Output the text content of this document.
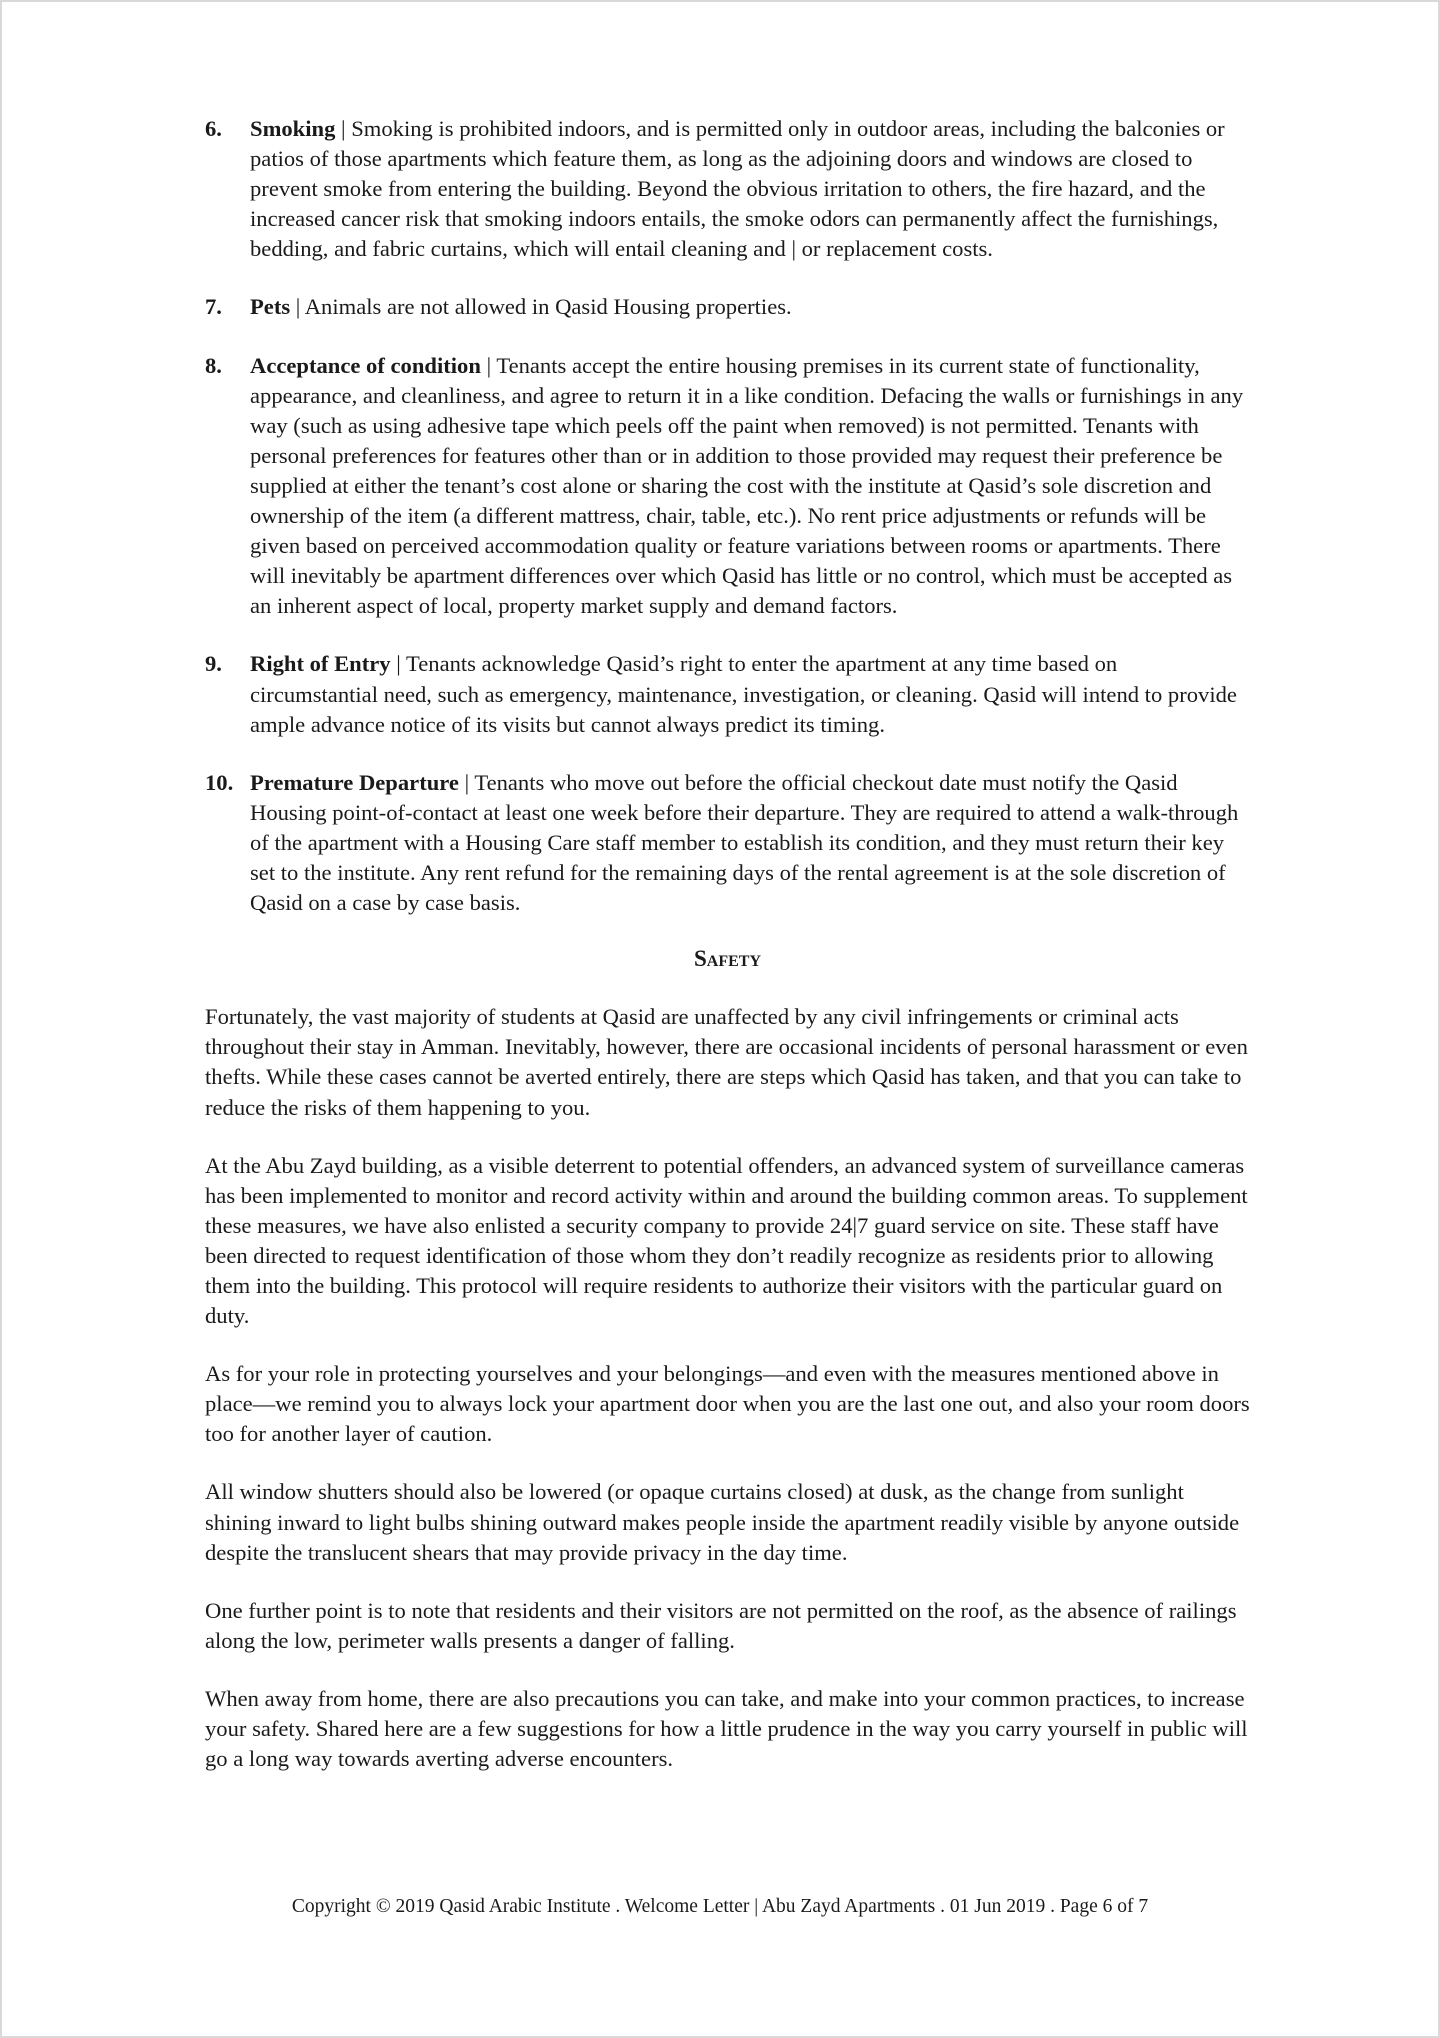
6.	Smoking | Smoking is prohibited indoors, and is permitted only in outdoor areas, including the balconies or patios of those apartments which feature them, as long as the adjoining doors and windows are closed to prevent smoke from entering the building. Beyond the obvious irritation to others, the fire hazard, and the increased cancer risk that smoking indoors entails, the smoke odors can permanently affect the furnishings, bedding, and fabric curtains, which will entail cleaning and | or replacement costs.
7.	Pets | Animals are not allowed in Qasid Housing properties.
8.	Acceptance of condition | Tenants accept the entire housing premises in its current state of functionality, appearance, and cleanliness, and agree to return it in a like condition. Defacing the walls or furnishings in any way (such as using adhesive tape which peels off the paint when removed) is not permitted. Tenants with personal preferences for features other than or in addition to those provided may request their preference be supplied at either the tenant’s cost alone or sharing the cost with the institute at Qasid’s sole discretion and ownership of the item (a different mattress, chair, table, etc.). No rent price adjustments or refunds will be given based on perceived accommodation quality or feature variations between rooms or apartments. There will inevitably be apartment differences over which Qasid has little or no control, which must be accepted as an inherent aspect of local, property market supply and demand factors.
9.	Right of Entry | Tenants acknowledge Qasid’s right to enter the apartment at any time based on circumstantial need, such as emergency, maintenance, investigation, or cleaning. Qasid will intend to provide ample advance notice of its visits but cannot always predict its timing.
10. Premature Departure | Tenants who move out before the official checkout date must notify the Qasid Housing point-of-contact at least one week before their departure. They are required to attend a walk-through of the apartment with a Housing Care staff member to establish its condition, and they must return their key set to the institute. Any rent refund for the remaining days of the rental agreement is at the sole discretion of Qasid on a case by case basis.
Safety

Fortunately, the vast majority of students at Qasid are unaffected by any civil infringements or criminal acts throughout their stay in Amman. Inevitably, however, there are occasional incidents of personal harassment or even thefts. While these cases cannot be averted entirely, there are steps which Qasid has taken, and that you can take to reduce the risks of them happening to you.

At the Abu Zayd building, as a visible deterrent to potential offenders, an advanced system of surveillance cameras has been implemented to monitor and record activity within and around the building common areas. To supplement these measures, we have also enlisted a security company to provide 24|7 guard service on site. These staff have been directed to request identification of those whom they don’t readily recognize as residents prior to allowing them into the building. This protocol will require residents to authorize their visitors with the particular guard on duty.

As for your role in protecting yourselves and your belongings—and even with the measures mentioned above in place—we remind you to always lock your apartment door when you are the last one out, and also your room doors too for another layer of caution.

All window shutters should also be lowered (or opaque curtains closed) at dusk, as the change from sunlight shining inward to light bulbs shining outward makes people inside the apartment readily visible by anyone outside despite the translucent shears that may provide privacy in the day time.

One further point is to note that residents and their visitors are not permitted on the roof, as the absence of railings along the low, perimeter walls presents a danger of falling.

When away from home, there are also precautions you can take, and make into your common practices, to increase your safety. Shared here are a few suggestions for how a little prudence in the way you carry yourself in public will go a long way towards averting adverse encounters.

Copyright © 2019 Qasid Arabic Institute . Welcome Letter | Abu Zayd Apartments . 01 Jun 2019 . Page 6 of 7
